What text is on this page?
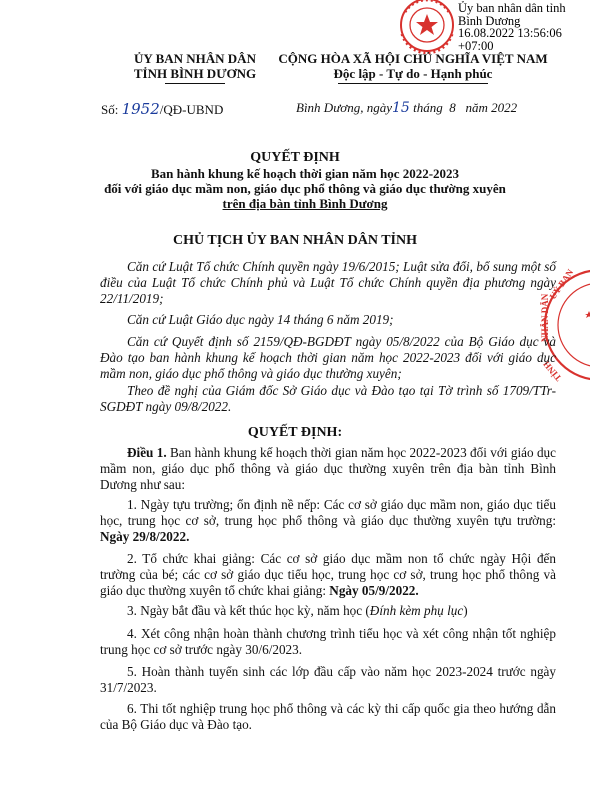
Ủy ban nhân dân tỉnh
Bình Dương
16.08.2022 13:56:06
+07:00
UỶ BAN
NHÂN DÂN
TỈNH
ỦY BAN NHÂN DÂN
TỈNH BÌNH DƯƠNG
CỘNG HÒA XÃ HỘI CHỦ NGHĨA VIỆT NAM
Độc lập - Tự do - Hạnh phúc
Số: 1952/QĐ-UBND	Bình Dương, ngày15 tháng 8 năm 2022
QUYẾT ĐỊNH
Ban hành khung kế hoạch thời gian năm học 2022-2023
đối với giáo dục mầm non, giáo dục phổ thông và giáo dục thường xuyên
trên địa bàn tỉnh Bình Dương
CHỦ TỊCH ỦY BAN NHÂN DÂN TỈNH
Căn cứ Luật Tổ chức Chính quyền ngày 19/6/2015; Luật sửa đổi, bổ sung một số điều của Luật Tổ chức Chính phủ và Luật Tổ chức Chính quyền địa phương ngày 22/11/2019;
Căn cứ Luật Giáo dục ngày 14 tháng 6 năm 2019;
Căn cứ Quyết định số 2159/QĐ-BGDĐT ngày 05/8/2022 của Bộ Giáo dục và Đào tạo ban hành khung kế hoạch thời gian năm học 2022-2023 đối với giáo dục mầm non, giáo dục phổ thông và giáo dục thường xuyên;
Theo đề nghị của Giám đốc Sở Giáo dục và Đào tạo tại Tờ trình số 1709/TTr-SGDĐT ngày 09/8/2022.
QUYẾT ĐỊNH:
Điều 1. Ban hành khung kế hoạch thời gian năm học 2022-2023 đối với giáo dục mầm non, giáo dục phổ thông và giáo dục thường xuyên trên địa bàn tỉnh Bình Dương như sau:
1. Ngày tựu trường; ổn định nề nếp: Các cơ sở giáo dục mầm non, giáo dục tiểu học, trung học cơ sở, trung học phổ thông và giáo dục thường xuyên tựu trường: Ngày 29/8/2022.
2. Tổ chức khai giảng: Các cơ sở giáo dục mầm non tổ chức ngày Hội đến trường của bé; các cơ sở giáo dục tiểu học, trung học cơ sở, trung học phổ thông và giáo dục thường xuyên tổ chức khai giảng: Ngày 05/9/2022.
3. Ngày bắt đầu và kết thúc học kỳ, năm học (Đính kèm phụ lục)
4. Xét công nhận hoàn thành chương trình tiểu học và xét công nhận tốt nghiệp trung học cơ sở trước ngày 30/6/2023.
5. Hoàn thành tuyển sinh các lớp đầu cấp vào năm học 2023-2024 trước ngày 31/7/2023.
6. Thi tốt nghiệp trung học phổ thông và các kỳ thi cấp quốc gia theo hướng dẫn của Bộ Giáo dục và Đào tạo.
